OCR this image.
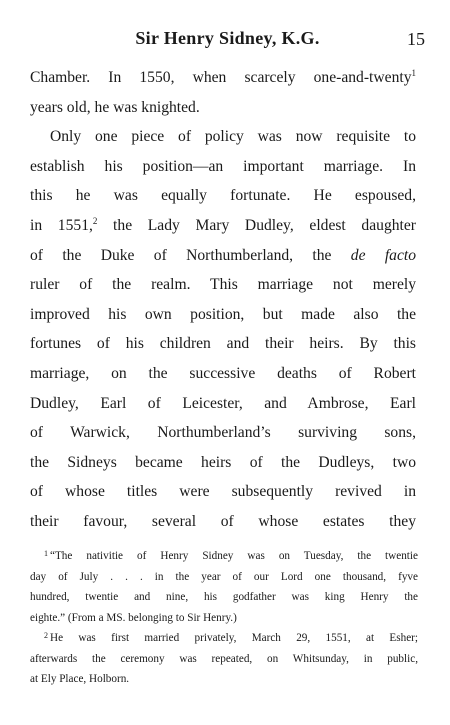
Sir Henry Sidney, K.G.	15
Chamber. In 1550, when scarcely one-and-twenty$^1$
years old, he was knighted.
Only one piece of policy was now requisite to
establish his position—an important marriage. In
this he was equally fortunate. He espoused,
in 1551,$^2$ the Lady Mary Dudley, eldest daughter
of the Duke of Northumberland, the de facto
ruler of the realm. This marriage not merely
improved his own position, but made also the
fortunes of his children and their heirs. By this
marriage, on the successive deaths of Robert
Dudley, Earl of Leicester, and Ambrose, Earl
of Warwick, Northumberland’s surviving sons,
the Sidneys became heirs of the Dudleys, two
of whose titles were subsequently revived in
their favour, several of whose estates they
$^1$ “The nativitie of Henry Sidney was on Tuesday, the twentie
day of July . . . in the year of our Lord one thousand, fyve
hundred, twentie and nine, his godfather was king Henry the
eighte.” (From a MS. belonging to Sir Henry.)
$^2$ He was first married privately, March 29, 1551, at Esher;
afterwards the ceremony was repeated, on Whitsunday, in public,
at Ely Place, Holborn.
